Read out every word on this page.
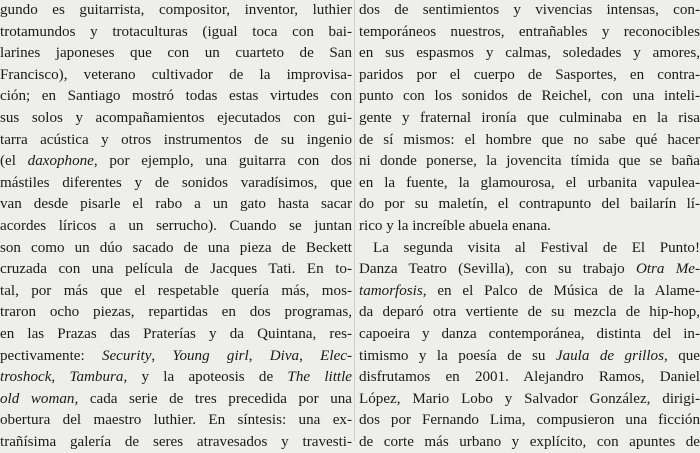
gundo es guitarrista, compositor, inventor, luthier
trotamundos y trotaculturas (igual toca con bai-
larines japoneses que con un cuarteto de San
Francisco), veterano cultivador de la improvisa-
ción; en Santiago mostró todas estas virtudes con
sus solos y acompañamientos ejecutados con gui-
tarra acústica y otros instrumentos de su ingenio
(el daxophone, por ejemplo, una guitarra con dos
mástiles diferentes y de sonidos varadísimos, que
van desde pisarle el rabo a un gato hasta sacar
acordes líricos a un serrucho). Cuando se juntan
son como un dúo sacado de una pieza de Beckett
cruzada con una película de Jacques Tati. En to-
tal, por más que el respetable quería más, mos-
traron ocho piezas, repartidas en dos programas,
en las Prazas das Praterías y da Quintana, res-
pectivamente: Security, Young girl, Diva, Elec-
troshock, Tambura, y la apoteosis de The little
old woman, cada serie de tres precedida por una
obertura del maestro luthier. En síntesis: una ex-
trañísima galería de seres atravesados y travesti-
dos de sentimientos y vivencias intensas, con-
temporáneos nuestros, entrañables y reconocibles
en sus espasmos y calmas, soledades y amores,
paridos por el cuerpo de Sasportes, en contra-
punto con los sonidos de Reichel, con una inteli-
gente y fraternal ironía que culminaba en la risa
de sí mismos: el hombre que no sabe qué hacer
ni donde ponerse, la jovencita tímida que se baña
en la fuente, la glamourosa, el urbanita vapulea-
do por su maletín, el contrapunto del bailarín lí-
rico y la increíble abuela enana.
La segunda visita al Festival de El Punto!
Danza Teatro (Sevilla), con su trabajo Otra Me-
tamorfosis, en el Palco de Música de la Alame-
da deparó otra vertiente de su mezcla de hip-hop,
capoeira y danza contemporánea, distinta del in-
timismo y la poesía de su Jaula de grillos, que
disfrutamos en 2001. Alejandro Ramos, Daniel
López, Mario Lobo y Salvador González, dirigi-
dos por Fernando Lima, compusieron una ficción
de corte más urbano y explícito, con apuntes de
